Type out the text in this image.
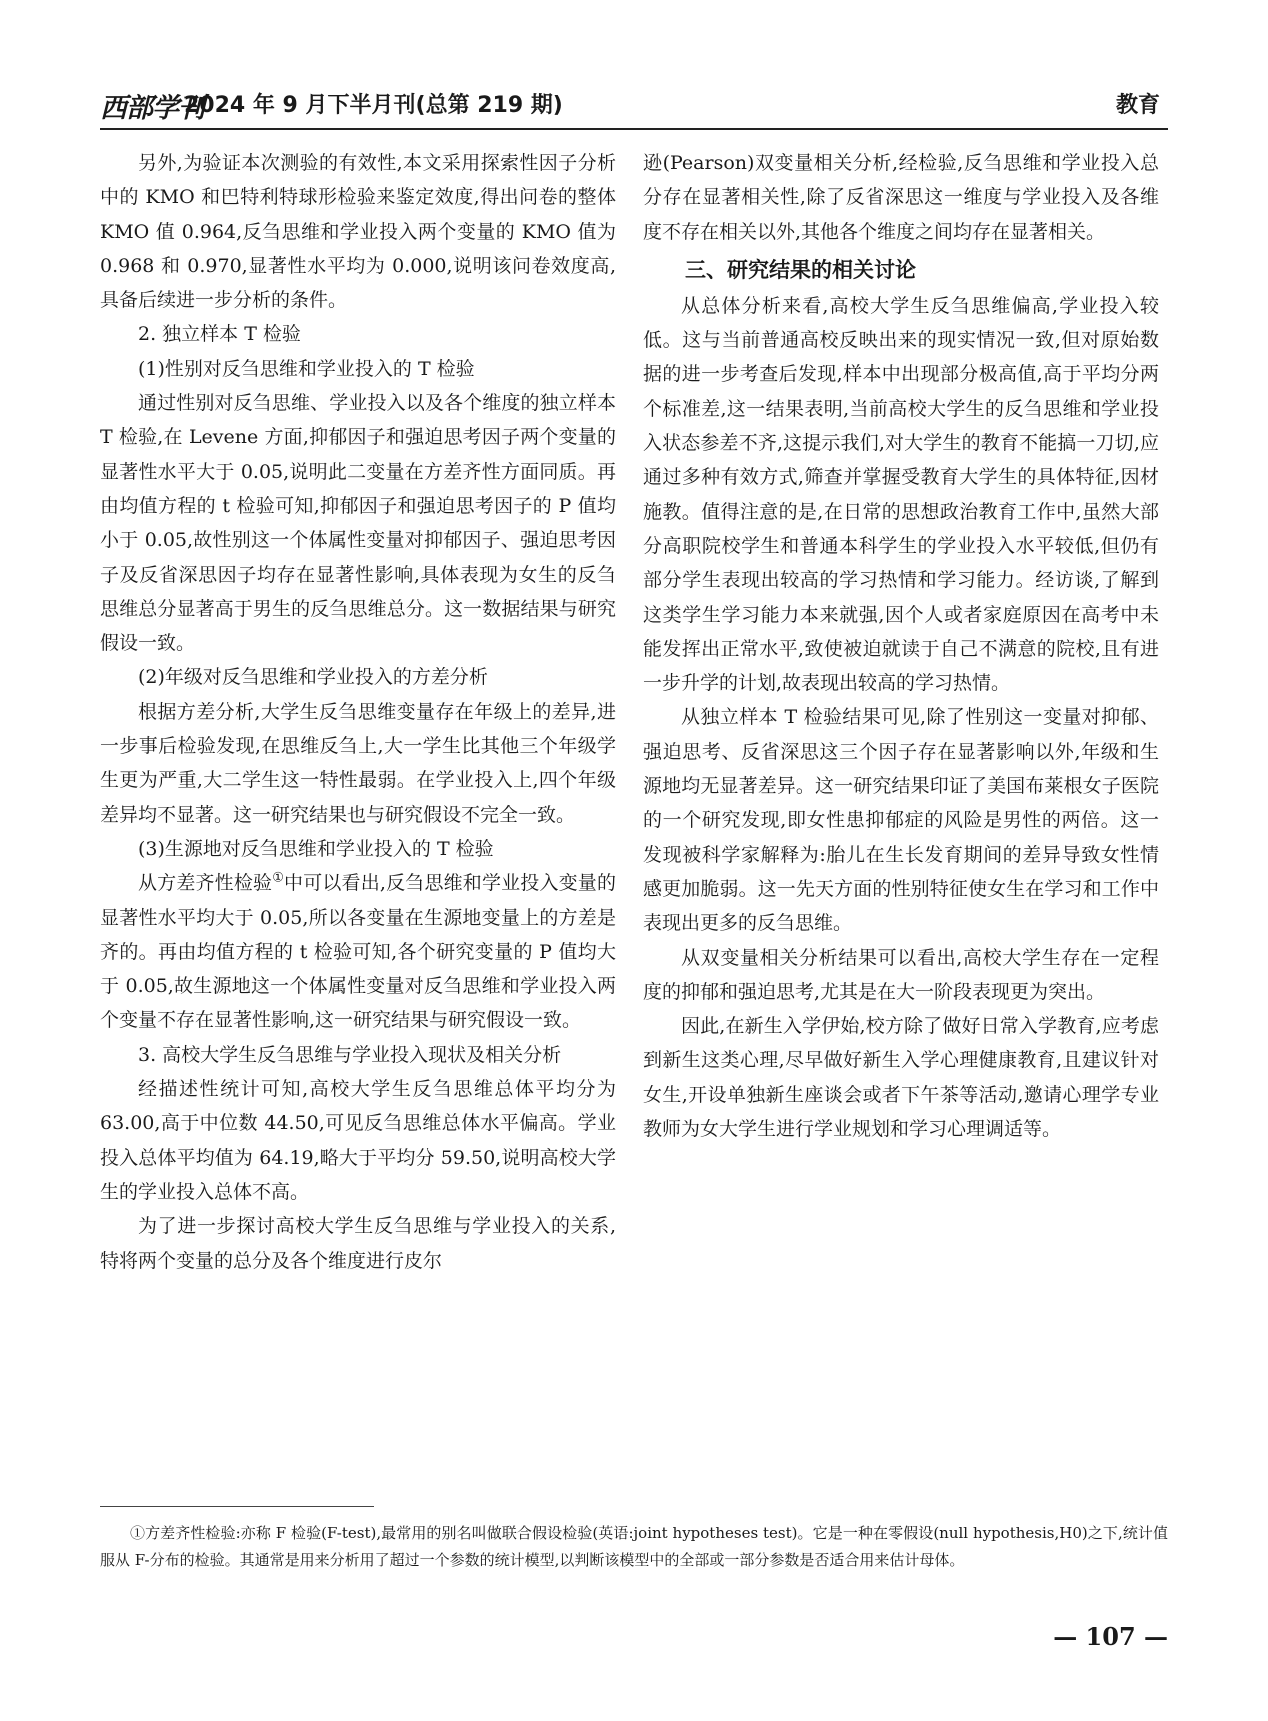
西部学刊
2024 年 9 月下半月刊(总第 219 期)	教育

另外,为验证本次测验的有效性,本文采用探索性因子分析中的 KMO 和巴特利特球形检验来鉴定效度,得出问卷的整体 KMO 值 0.964,反刍思维和学业投入两个变量的 KMO 值为 0.968 和 0.970,显著性水平均为 0.000,说明该问卷效度高,具备后续进一步分析的条件。

2. 独立样本 T 检验

(1)性别对反刍思维和学业投入的 T 检验

通过性别对反刍思维、学业投入以及各个维度的独立样本 T 检验,在 Levene 方面,抑郁因子和强迫思考因子两个变量的显著性水平大于 0.05,说明此二变量在方差齐性方面同质。再由均值方程的 t 检验可知,抑郁因子和强迫思考因子的 P 值均小于 0.05,故性别这一个体属性变量对抑郁因子、强迫思考因子及反省深思因子均存在显著性影响,具体表现为女生的反刍思维总分显著高于男生的反刍思维总分。这一数据结果与研究假设一致。

(2)年级对反刍思维和学业投入的方差分析

根据方差分析,大学生反刍思维变量存在年级上的差异,进一步事后检验发现,在思维反刍上,大一学生比其他三个年级学生更为严重,大二学生这一特性最弱。在学业投入上,四个年级差异均不显著。这一研究结果也与研究假设不完全一致。

(3)生源地对反刍思维和学业投入的 T 检验

从方差齐性检验①中可以看出,反刍思维和学业投入变量的显著性水平均大于 0.05,所以各变量在生源地变量上的方差是齐的。再由均值方程的 t 检验可知,各个研究变量的 P 值均大于 0.05,故生源地这一个体属性变量对反刍思维和学业投入两个变量不存在显著性影响,这一研究结果与研究假设一致。

3. 高校大学生反刍思维与学业投入现状及相关分析

经描述性统计可知,高校大学生反刍思维总体平均分为 63.00,高于中位数 44.50,可见反刍思维总体水平偏高。学业投入总体平均值为 64.19,略大于平均分 59.50,说明高校大学生的学业投入总体不高。

为了进一步探讨高校大学生反刍思维与学业投入的关系,特将两个变量的总分及各个维度进行皮尔

逊(Pearson)双变量相关分析,经检验,反刍思维和学业投入总分存在显著相关性,除了反省深思这一维度与学业投入及各维度不存在相关以外,其他各个维度之间均存在显著相关。

三、研究结果的相关讨论

从总体分析来看,高校大学生反刍思维偏高,学业投入较低。这与当前普通高校反映出来的现实情况一致,但对原始数据的进一步考查后发现,样本中出现部分极高值,高于平均分两个标准差,这一结果表明,当前高校大学生的反刍思维和学业投入状态参差不齐,这提示我们,对大学生的教育不能搞一刀切,应通过多种有效方式,筛查并掌握受教育大学生的具体特征,因材施教。值得注意的是,在日常的思想政治教育工作中,虽然大部分高职院校学生和普通本科学生的学业投入水平较低,但仍有部分学生表现出较高的学习热情和学习能力。经访谈,了解到这类学生学习能力本来就强,因个人或者家庭原因在高考中未能发挥出正常水平,致使被迫就读于自己不满意的院校,且有进一步升学的计划,故表现出较高的学习热情。

从独立样本 T 检验结果可见,除了性别这一变量对抑郁、强迫思考、反省深思这三个因子存在显著影响以外,年级和生源地均无显著差异。这一研究结果印证了美国布莱根女子医院的一个研究发现,即女性患抑郁症的风险是男性的两倍。这一发现被科学家解释为:胎儿在生长发育期间的差异导致女性情感更加脆弱。这一先天方面的性别特征使女生在学习和工作中表现出更多的反刍思维。

从双变量相关分析结果可以看出,高校大学生存在一定程度的抑郁和强迫思考,尤其是在大一阶段表现更为突出。

因此,在新生入学伊始,校方除了做好日常入学教育,应考虑到新生这类心理,尽早做好新生入学心理健康教育,且建议针对女生,开设单独新生座谈会或者下午茶等活动,邀请心理学专业教师为女大学生进行学业规划和学习心理调适等。

①方差齐性检验:亦称 F 检验(F-test),最常用的别名叫做联合假设检验(英语:joint hypotheses test)。它是一种在零假设(null hypothesis,H0)之下,统计值服从 F-分布的检验。其通常是用来分析用了超过一个参数的统计模型,以判断该模型中的全部或一部分参数是否适合用来估计母体。
— 107 —
